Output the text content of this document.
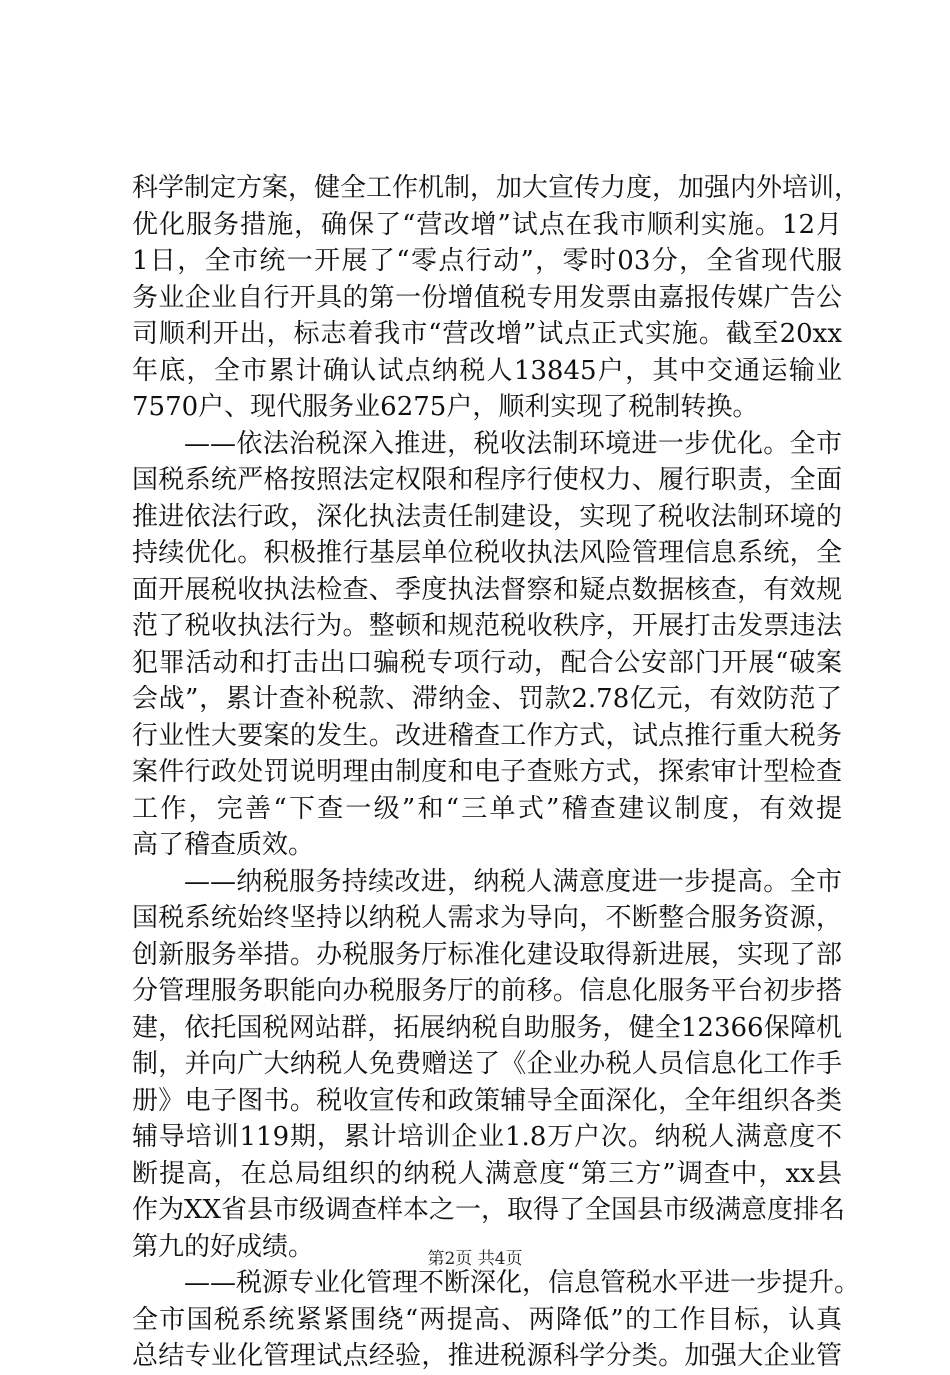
科学制定方案，健全工作机制，加大宣传力度，加强内外培训，
优化服务措施，确保了“营改增”试点在我市顺利实施。12月
1日，全市统一开展了“零点行动”，零时03分，全省现代服
务业企业自行开具的第一份增值税专用发票由嘉报传媒广告公
司顺利开出，标志着我市“营改增”试点正式实施。截至20xx
年底，全市累计确认试点纳税人13845户，其中交通运输业
7570户、现代服务业6275户，顺利实现了税制转换。
——依法治税深入推进，税收法制环境进一步优化。全市
国税系统严格按照法定权限和程序行使权力、履行职责，全面
推进依法行政，深化执法责任制建设，实现了税收法制环境的
持续优化。积极推行基层单位税收执法风险管理信息系统，全
面开展税收执法检查、季度执法督察和疑点数据核查，有效规
范了税收执法行为。整顿和规范税收秩序，开展打击发票违法
犯罪活动和打击出口骗税专项行动，配合公安部门开展“破案
会战”，累计查补税款、滞纳金、罚款2.78亿元，有效防范了
行业性大要案的发生。改进稽查工作方式，试点推行重大税务
案件行政处罚说明理由制度和电子查账方式，探索审计型检查
工作，完善“下查一级”和“三单式”稽查建议制度，有效提
高了稽查质效。
——纳税服务持续改进，纳税人满意度进一步提高。全市
国税系统始终坚持以纳税人需求为导向，不断整合服务资源，
创新服务举措。办税服务厅标准化建设取得新进展，实现了部
分管理服务职能向办税服务厅的前移。信息化服务平台初步搭
建，依托国税网站群，拓展纳税自助服务，健全12366保障机
制，并向广大纳税人免费赠送了《企业办税人员信息化工作手
册》电子图书。税收宣传和政策辅导全面深化，全年组织各类
辅导培训119期，累计培训企业1.8万户次。纳税人满意度不
断提高，在总局组织的纳税人满意度“第三方”调查中，xx县
作为XX省县市级调查样本之一，取得了全国县市级满意度排名
第九的好成绩。
——税源专业化管理不断深化，信息管税水平进一步提升。
全市国税系统紧紧围绕“两提高、两降低”的工作目标，认真
总结专业化管理试点经验，推进税源科学分类。加强大企业管
第2页 共4页
